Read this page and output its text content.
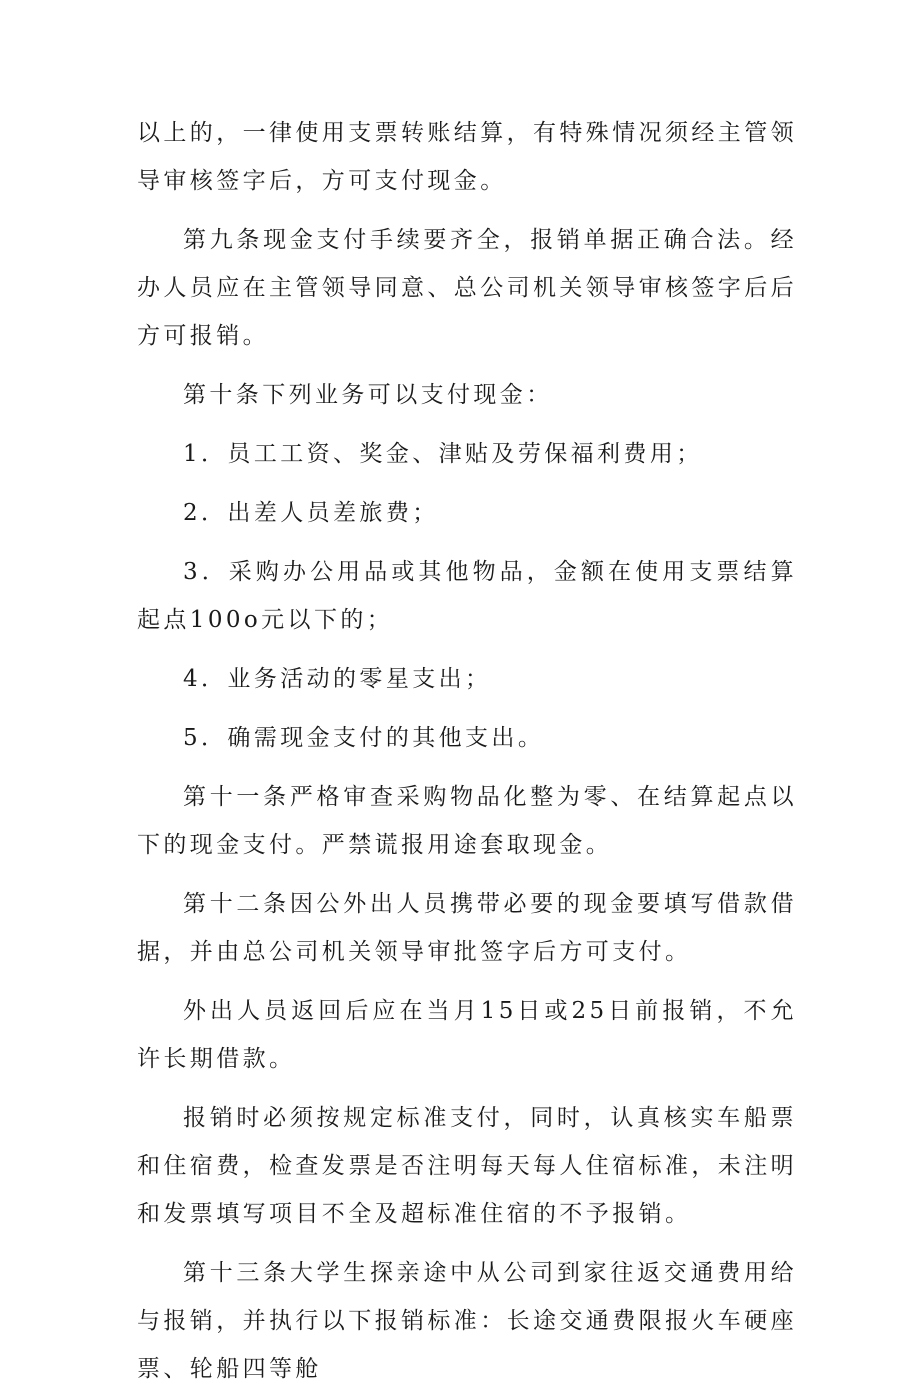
以上的，一律使用支票转账结算，有特殊情况须经主管领导审核签字后，方可支付现金。

第九条现金支付手续要齐全，报销单据正确合法。经办人员应在主管领导同意、总公司机关领导审核签字后后方可报销。

第十条下列业务可以支付现金：

1．员工工资、奖金、津贴及劳保福利费用；

2．出差人员差旅费；

3．采购办公用品或其他物品，金额在使用支票结算起点100o元以下的；

4．业务活动的零星支出；

5．确需现金支付的其他支出。

第十一条严格审查采购物品化整为零、在结算起点以下的现金支付。严禁谎报用途套取现金。

第十二条因公外出人员携带必要的现金要填写借款借据，并由总公司机关领导审批签字后方可支付。

外出人员返回后应在当月15日或25日前报销，不允许长期借款。

报销时必须按规定标准支付，同时，认真核实车船票和住宿费，检查发票是否注明每天每人住宿标准，未注明和发票填写项目不全及超标准住宿的不予报销。

第十三条大学生探亲途中从公司到家往返交通费用给与报销，并执行以下报销标准：长途交通费限报火车硬座票、轮船四等舱
